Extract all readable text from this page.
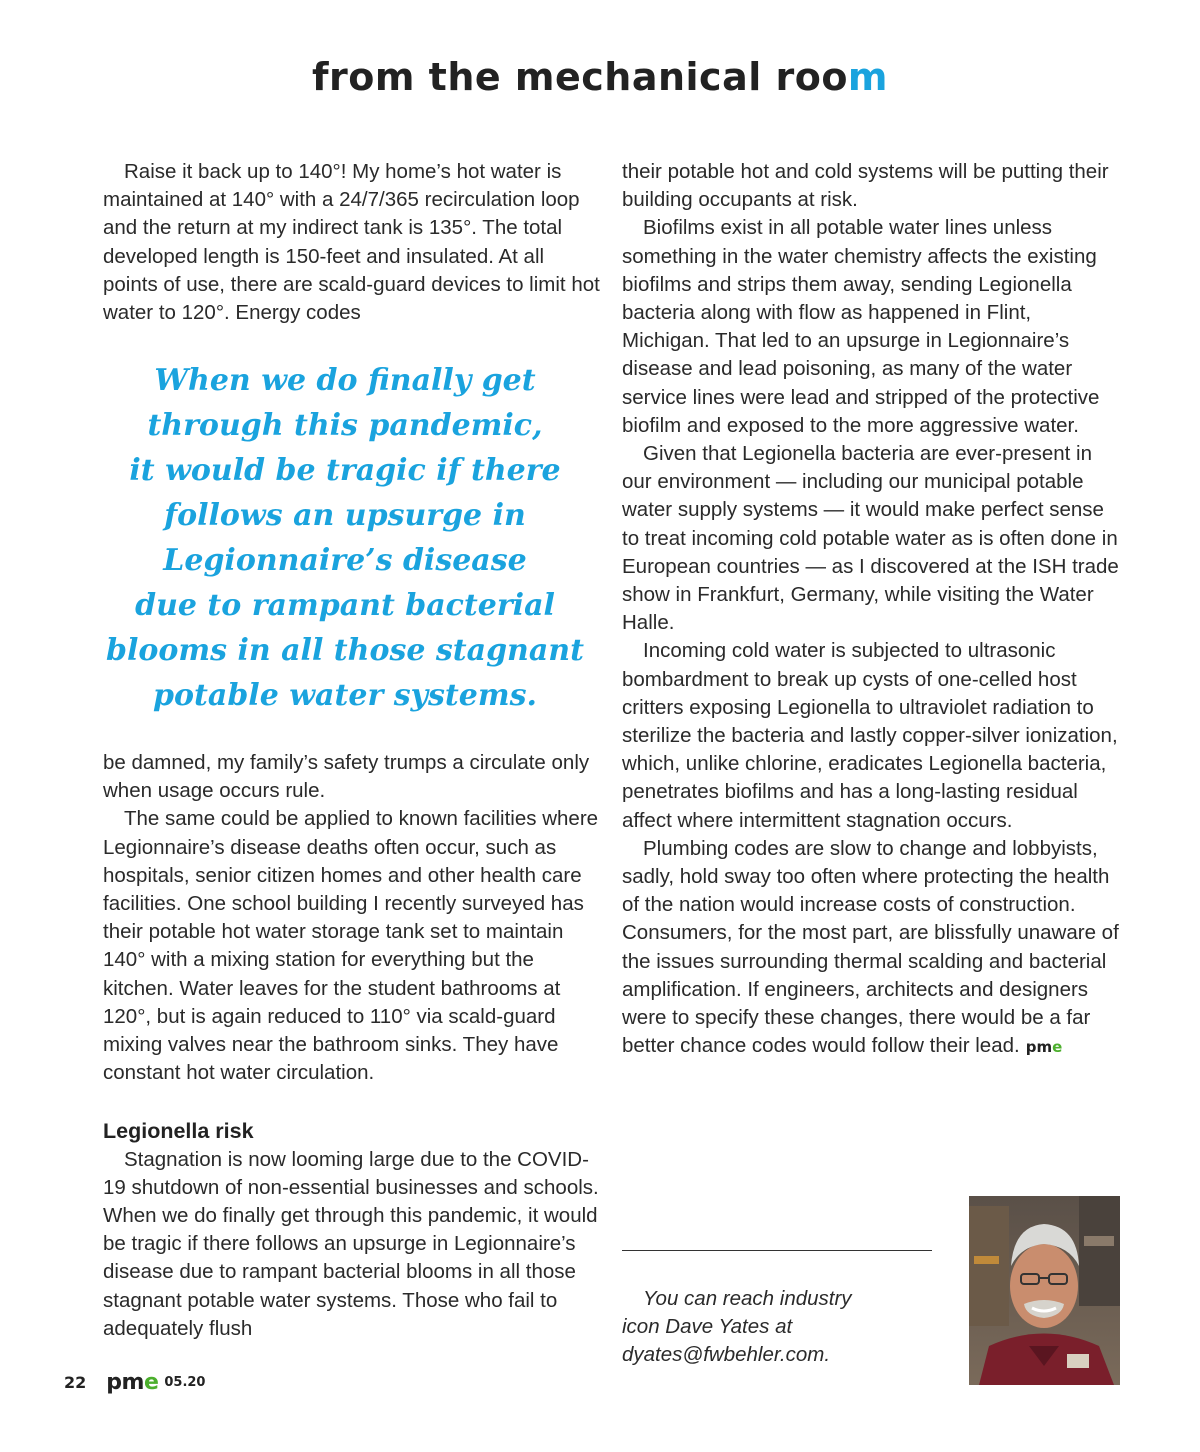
from the mechanical room

Raise it back up to 140°! My home’s hot water is maintained at 140° with a 24/7/365 recirculation loop and the return at my indirect tank is 135°. The total developed length is 150-feet and insulated. At all points of use, there are scald-guard devices to limit hot water to 120°. Energy codes

When we do finally get
through this pandemic,
it would be tragic if there
follows an upsurge in
Legionnaire’s disease
due to rampant bacterial
blooms in all those stagnant
potable water systems.

be damned, my family’s safety trumps a circulate only when usage occurs rule.

The same could be applied to known facilities where Legionnaire’s disease deaths often occur, such as hospitals, senior citizen homes and other health care facilities. One school building I recently surveyed has their potable hot water storage tank set to maintain 140° with a mixing station for everything but the kitchen. Water leaves for the student bathrooms at 120°, but is again reduced to 110° via scald-guard mixing valves near the bathroom sinks. They have constant hot water circulation.

Legionella risk

Stagnation is now looming large due to the COVID-19 shutdown of non-essential businesses and schools. When we do finally get through this pandemic, it would be tragic if there follows an upsurge in Legionnaire’s disease due to rampant bacterial blooms in all those stagnant potable water systems. Those who fail to adequately flush

their potable hot and cold systems will be putting their building occupants at risk.

Biofilms exist in all potable water lines unless something in the water chemistry affects the existing biofilms and strips them away, sending Legionella bacteria along with flow as happened in Flint, Michigan. That led to an upsurge in Legionnaire’s disease and lead poisoning, as many of the water service lines were lead and stripped of the protective biofilm and exposed to the more aggressive water.

Given that Legionella bacteria are ever-present in our environment — including our municipal potable water supply systems — it would make perfect sense to treat incoming cold potable water as is often done in European countries — as I discovered at the ISH trade show in Frankfurt, Germany, while visiting the Water Halle.

Incoming cold water is subjected to ultrasonic bombardment to break up cysts of one-celled host critters exposing Legionella to ultraviolet radiation to sterilize the bacteria and lastly copper-silver ionization, which, unlike chlorine, eradicates Legionella bacteria, penetrates biofilms and has a long-lasting residual affect where intermittent stagnation occurs.

Plumbing codes are slow to change and lobbyists, sadly, hold sway too often where protecting the health of the nation would increase costs of construction. Consumers, for the most part, are blissfully unaware of the issues surrounding thermal scalding and bacterial amplification. If engineers, architects and designers were to specify these changes, there would be a far better chance codes would follow their lead. pme

You can reach industry

icon Dave Yates at

dyates@fwbehler.com.

22 pme 05.20
